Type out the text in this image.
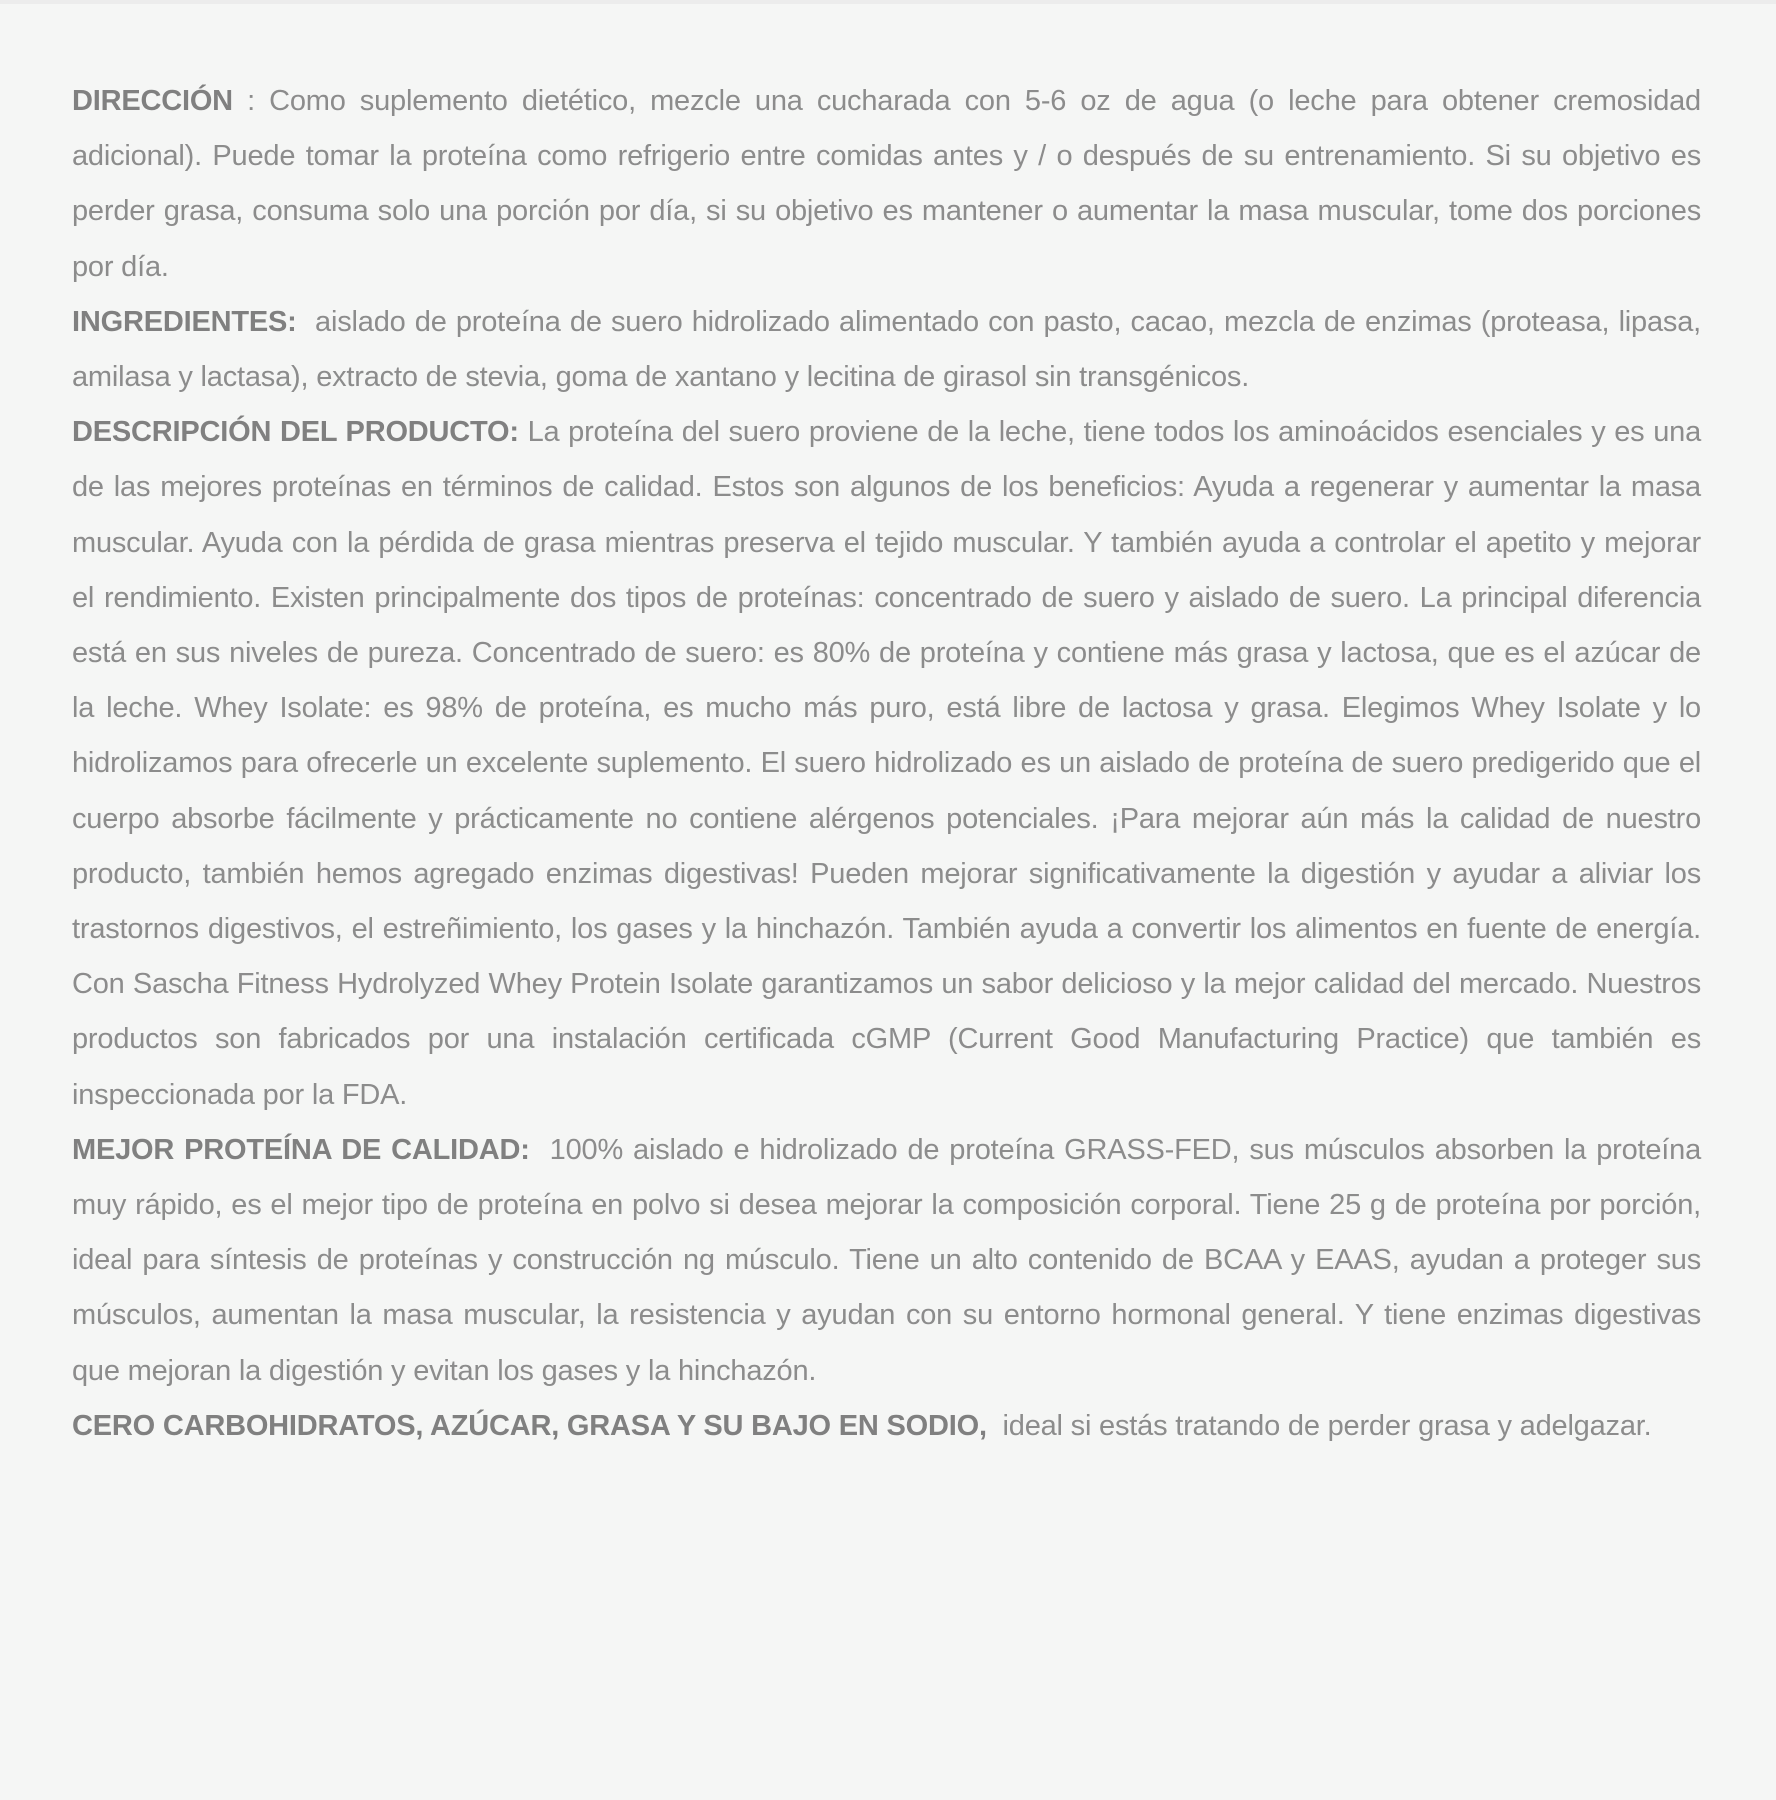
DIRECCIÓN : Como suplemento dietético, mezcle una cucharada con 5-6 oz de agua (o leche para obtener cremosidad adicional). Puede tomar la proteína como refrigerio entre comidas antes y / o después de su entrenamiento. Si su objetivo es perder grasa, consuma solo una porción por día, si su objetivo es mantener o aumentar la masa muscular, tome dos porciones por día.

INGREDIENTES: aislado de proteína de suero hidrolizado alimentado con pasto, cacao, mezcla de enzimas (proteasa, lipasa, amilasa y lactasa), extracto de stevia, goma de xantano y lecitina de girasol sin transgénicos.

DESCRIPCIÓN DEL PRODUCTO: La proteína del suero proviene de la leche, tiene todos los aminoácidos esenciales y es una de las mejores proteínas en términos de calidad. Estos son algunos de los beneficios: Ayuda a regenerar y aumentar la masa muscular. Ayuda con la pérdida de grasa mientras preserva el tejido muscular. Y también ayuda a controlar el apetito y mejorar el rendimiento. Existen principalmente dos tipos de proteínas: concentrado de suero y aislado de suero. La principal diferencia está en sus niveles de pureza. Concentrado de suero: es 80% de proteína y contiene más grasa y lactosa, que es el azúcar de la leche. Whey Isolate: es 98% de proteína, es mucho más puro, está libre de lactosa y grasa. Elegimos Whey Isolate y lo hidrolizamos para ofrecerle un excelente suplemento. El suero hidrolizado es un aislado de proteína de suero predigerido que el cuerpo absorbe fácilmente y prácticamente no contiene alérgenos potenciales. ¡Para mejorar aún más la calidad de nuestro producto, también hemos agregado enzimas digestivas! Pueden mejorar significativamente la digestión y ayudar a aliviar los trastornos digestivos, el estreñimiento, los gases y la hinchazón. También ayuda a convertir los alimentos en fuente de energía. Con Sascha Fitness Hydrolyzed Whey Protein Isolate garantizamos un sabor delicioso y la mejor calidad del mercado. Nuestros productos son fabricados por una instalación certificada cGMP (Current Good Manufacturing Practice) que también es inspeccionada por la FDA.

MEJOR PROTEÍNA DE CALIDAD: 100% aislado e hidrolizado de proteína GRASS-FED, sus músculos absorben la proteína muy rápido, es el mejor tipo de proteína en polvo si desea mejorar la composición corporal. Tiene 25 g de proteína por porción, ideal para síntesis de proteínas y construcción ng músculo. Tiene un alto contenido de BCAA y EAAS, ayudan a proteger sus músculos, aumentan la masa muscular, la resistencia y ayudan con su entorno hormonal general. Y tiene enzimas digestivas que mejoran la digestión y evitan los gases y la hinchazón.

CERO CARBOHIDRATOS, AZÚCAR, GRASA Y SU BAJO EN SODIO, ideal si estás tratando de perder grasa y adelgazar.
